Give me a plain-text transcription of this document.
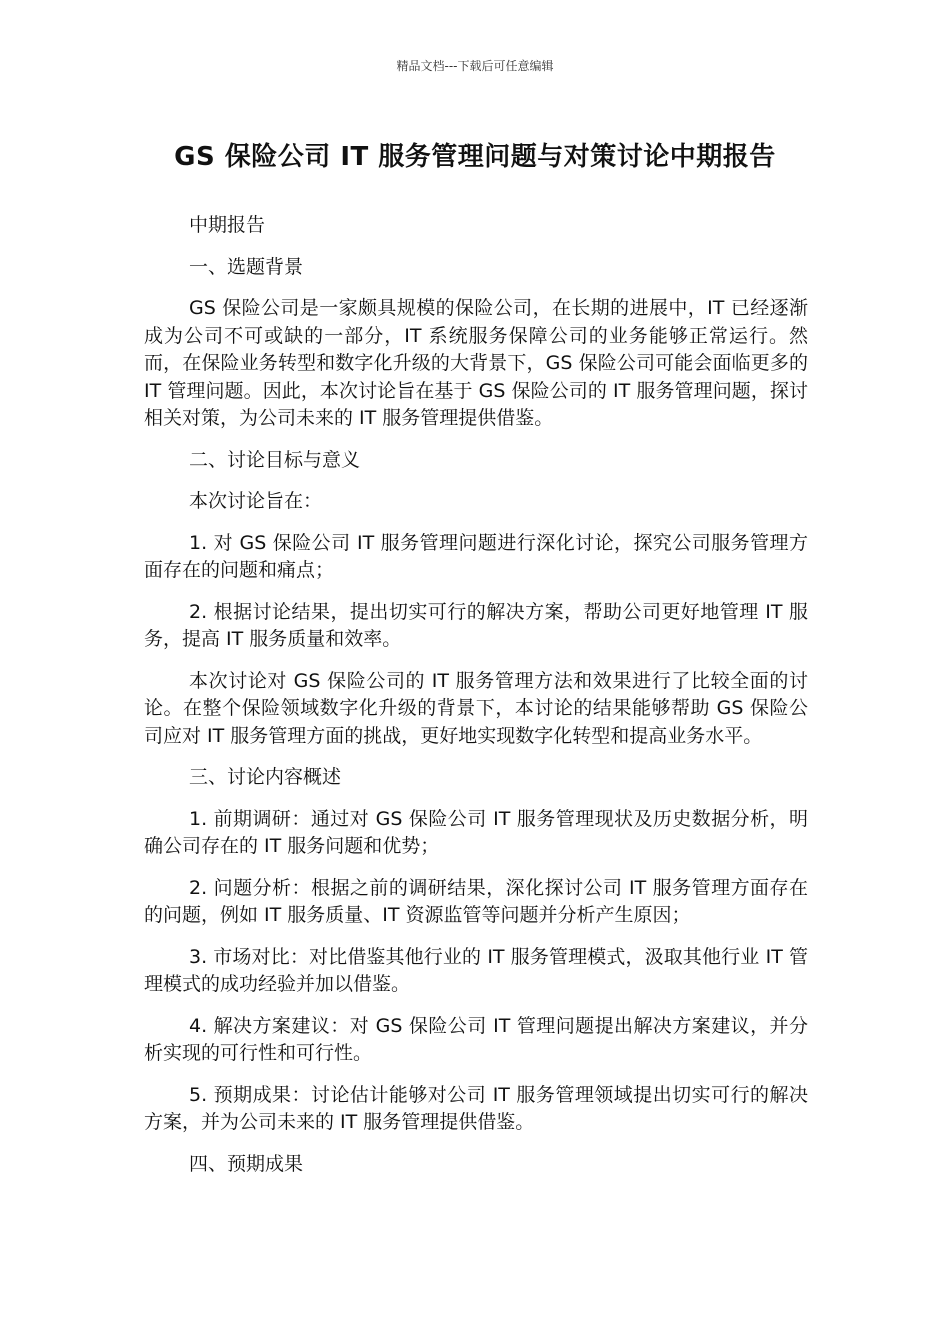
精品文档---下载后可任意编辑
GS 保险公司 IT 服务管理问题与对策讨论中期报告

中期报告

一、选题背景

GS 保险公司是一家颇具规模的保险公司，在长期的进展中，IT 已经逐渐成为公司不可或缺的一部分，IT 系统服务保障公司的业务能够正常运行。然而，在保险业务转型和数字化升级的大背景下，GS 保险公司可能会面临更多的 IT 管理问题。因此，本次讨论旨在基于 GS 保险公司的 IT 服务管理问题，探讨相关对策，为公司未来的 IT 服务管理提供借鉴。

二、讨论目标与意义

本次讨论旨在：

1. 对 GS 保险公司 IT 服务管理问题进行深化讨论，探究公司服务管理方面存在的问题和痛点；

2. 根据讨论结果，提出切实可行的解决方案，帮助公司更好地管理 IT 服务，提高 IT 服务质量和效率。

本次讨论对 GS 保险公司的 IT 服务管理方法和效果进行了比较全面的讨论。在整个保险领域数字化升级的背景下，本讨论的结果能够帮助 GS 保险公司应对 IT 服务管理方面的挑战，更好地实现数字化转型和提高业务水平。

三、讨论内容概述

1. 前期调研：通过对 GS 保险公司 IT 服务管理现状及历史数据分析，明确公司存在的 IT 服务问题和优势；

2. 问题分析：根据之前的调研结果，深化探讨公司 IT 服务管理方面存在的问题，例如 IT 服务质量、IT 资源监管等问题并分析产生原因；

3. 市场对比：对比借鉴其他行业的 IT 服务管理模式，汲取其他行业 IT 管理模式的成功经验并加以借鉴。

4. 解决方案建议：对 GS 保险公司 IT 管理问题提出解决方案建议，并分析实现的可行性和可行性。

5. 预期成果：讨论估计能够对公司 IT 服务管理领域提出切实可行的解决方案，并为公司未来的 IT 服务管理提供借鉴。

四、预期成果
